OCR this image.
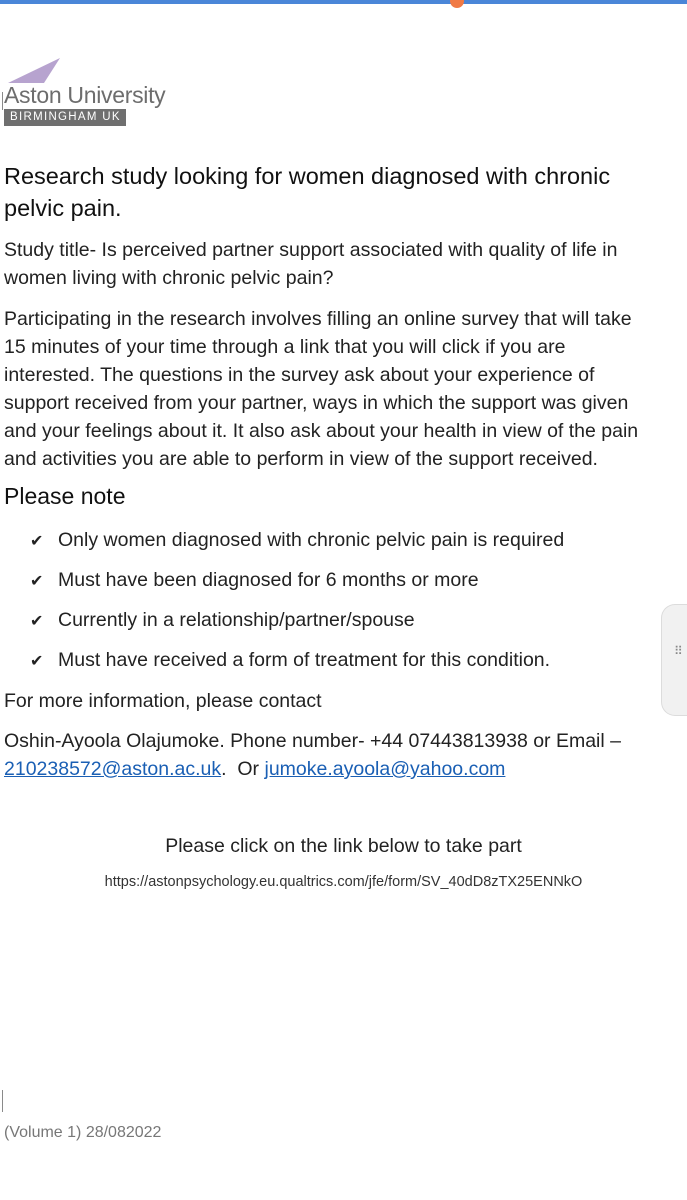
Aston University
BIRMINGHAM UK
Research study looking for women diagnosed with chronic pelvic pain.

Study title- Is perceived partner support associated with quality of life in

women living with chronic pelvic pain?

Participating in the research involves filling an online survey that will take

15 minutes of your time through a link that you will click if you are

interested. The questions in the survey ask about your experience of

support received from your partner, ways in which the support was given

and your feelings about it. It also ask about your health in view of the pain

and activities you are able to perform in view of the support received.

Please note
✔ Only women diagnosed with chronic pelvic pain is required
✔ Must have been diagnosed for 6 months or more
✔ Currently in a relationship/partner/spouse
✔ Must have received a form of treatment for this condition.

For more information, please contact

Oshin-Ayoola Olajumoke. Phone number- +44 07443813938 or Email –

210238572@aston.ac.uk.  Or jumoke.ayoola@yahoo.com

Please click on the link below to take part
https://astonpsychology.eu.qualtrics.com/jfe/form/SV_40dD8zTX25ENNkO
(Volume 1) 28/082022
⠿
